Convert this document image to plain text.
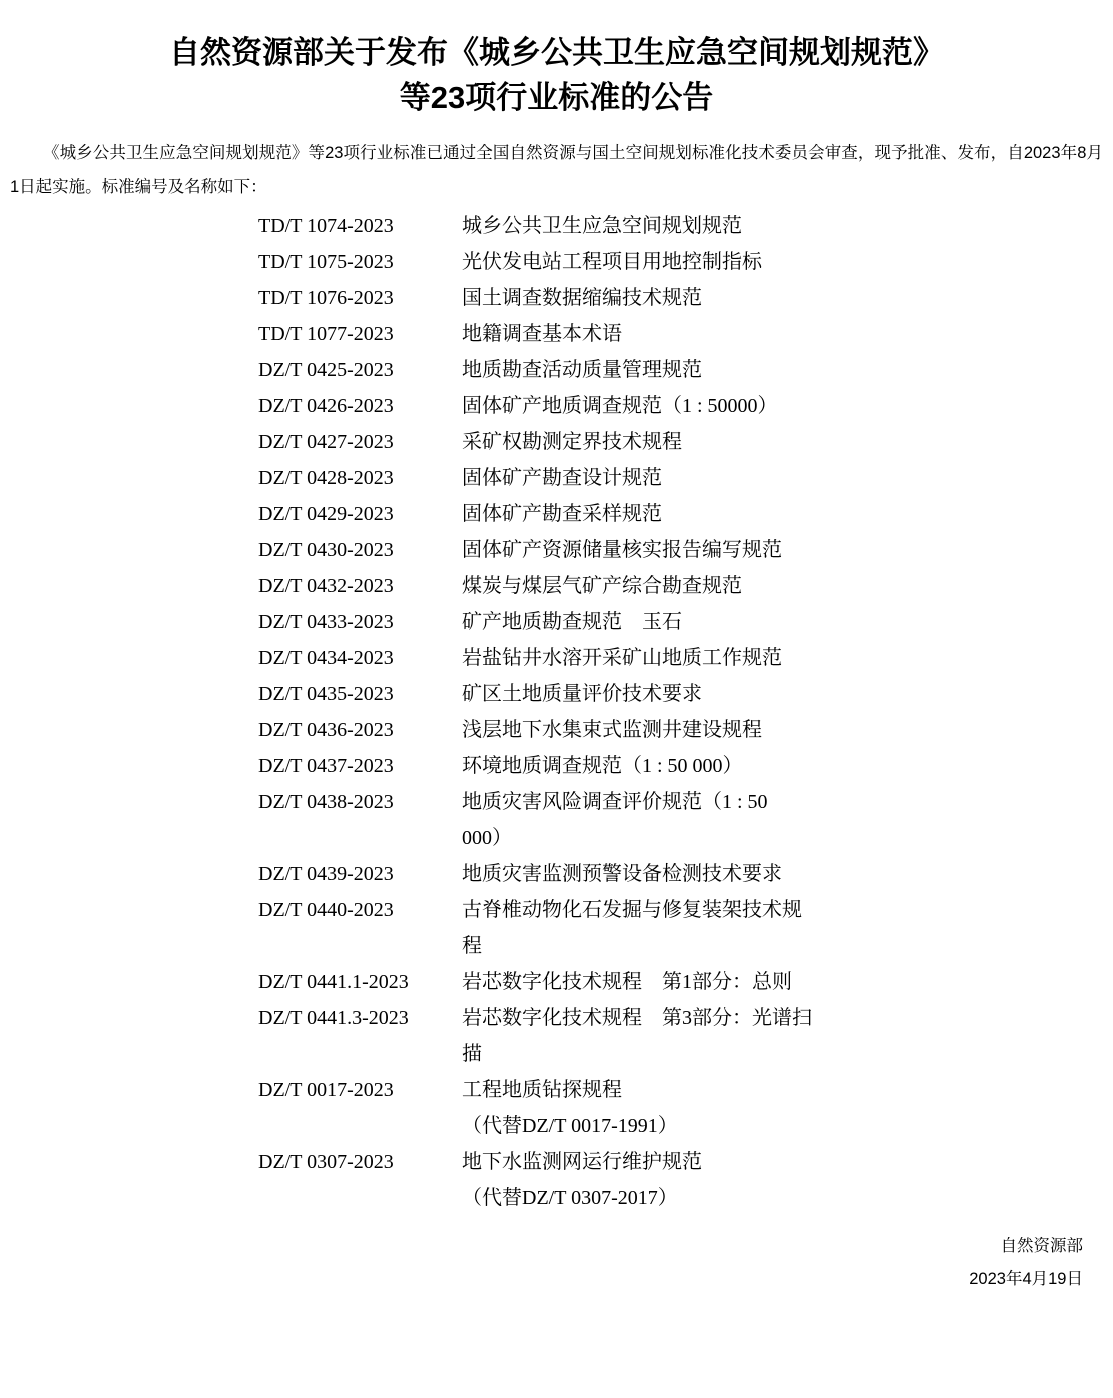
自然资源部关于发布《城乡公共卫生应急空间规划规范》
等23项行业标准的公告

《城乡公共卫生应急空间规划规范》等23项行业标准已通过全国自然资源与国土空间规划标准化技术委员会审查，现予批准、发布，自2023年8月1日起实施。标准编号及名称如下：

TD/T 1074-2023	城乡公共卫生应急空间规划规范
TD/T 1075-2023	光伏发电站工程项目用地控制指标
TD/T 1076-2023	国土调查数据缩编技术规范
TD/T 1077-2023	地籍调查基本术语
DZ/T 0425-2023	地质勘查活动质量管理规范
DZ/T 0426-2023	固体矿产地质调查规范（1 : 50000）
DZ/T 0427-2023	采矿权勘测定界技术规程
DZ/T 0428-2023	固体矿产勘查设计规范
DZ/T 0429-2023	固体矿产勘查采样规范
DZ/T 0430-2023	固体矿产资源储量核实报告编写规范
DZ/T 0432-2023	煤炭与煤层气矿产综合勘查规范
DZ/T 0433-2023	矿产地质勘查规范　玉石
DZ/T 0434-2023	岩盐钻井水溶开采矿山地质工作规范
DZ/T 0435-2023	矿区土地质量评价技术要求
DZ/T 0436-2023	浅层地下水集束式监测井建设规程
DZ/T 0437-2023	环境地质调查规范（1 : 50 000）
DZ/T 0438-2023	地质灾害风险调查评价规范（1 : 50
000）
DZ/T 0439-2023	地质灾害监测预警设备检测技术要求
DZ/T 0440-2023	古脊椎动物化石发掘与修复装架技术规
程
DZ/T 0441.1-2023	岩芯数字化技术规程　第1部分：总则
DZ/T 0441.3-2023	岩芯数字化技术规程　第3部分：光谱扫
描
DZ/T 0017-2023	工程地质钻探规程
（代替DZ/T 0017-1991）
DZ/T 0307-2023	地下水监测网运行维护规范
（代替DZ/T 0307-2017）
自然资源部
2023年4月19日
